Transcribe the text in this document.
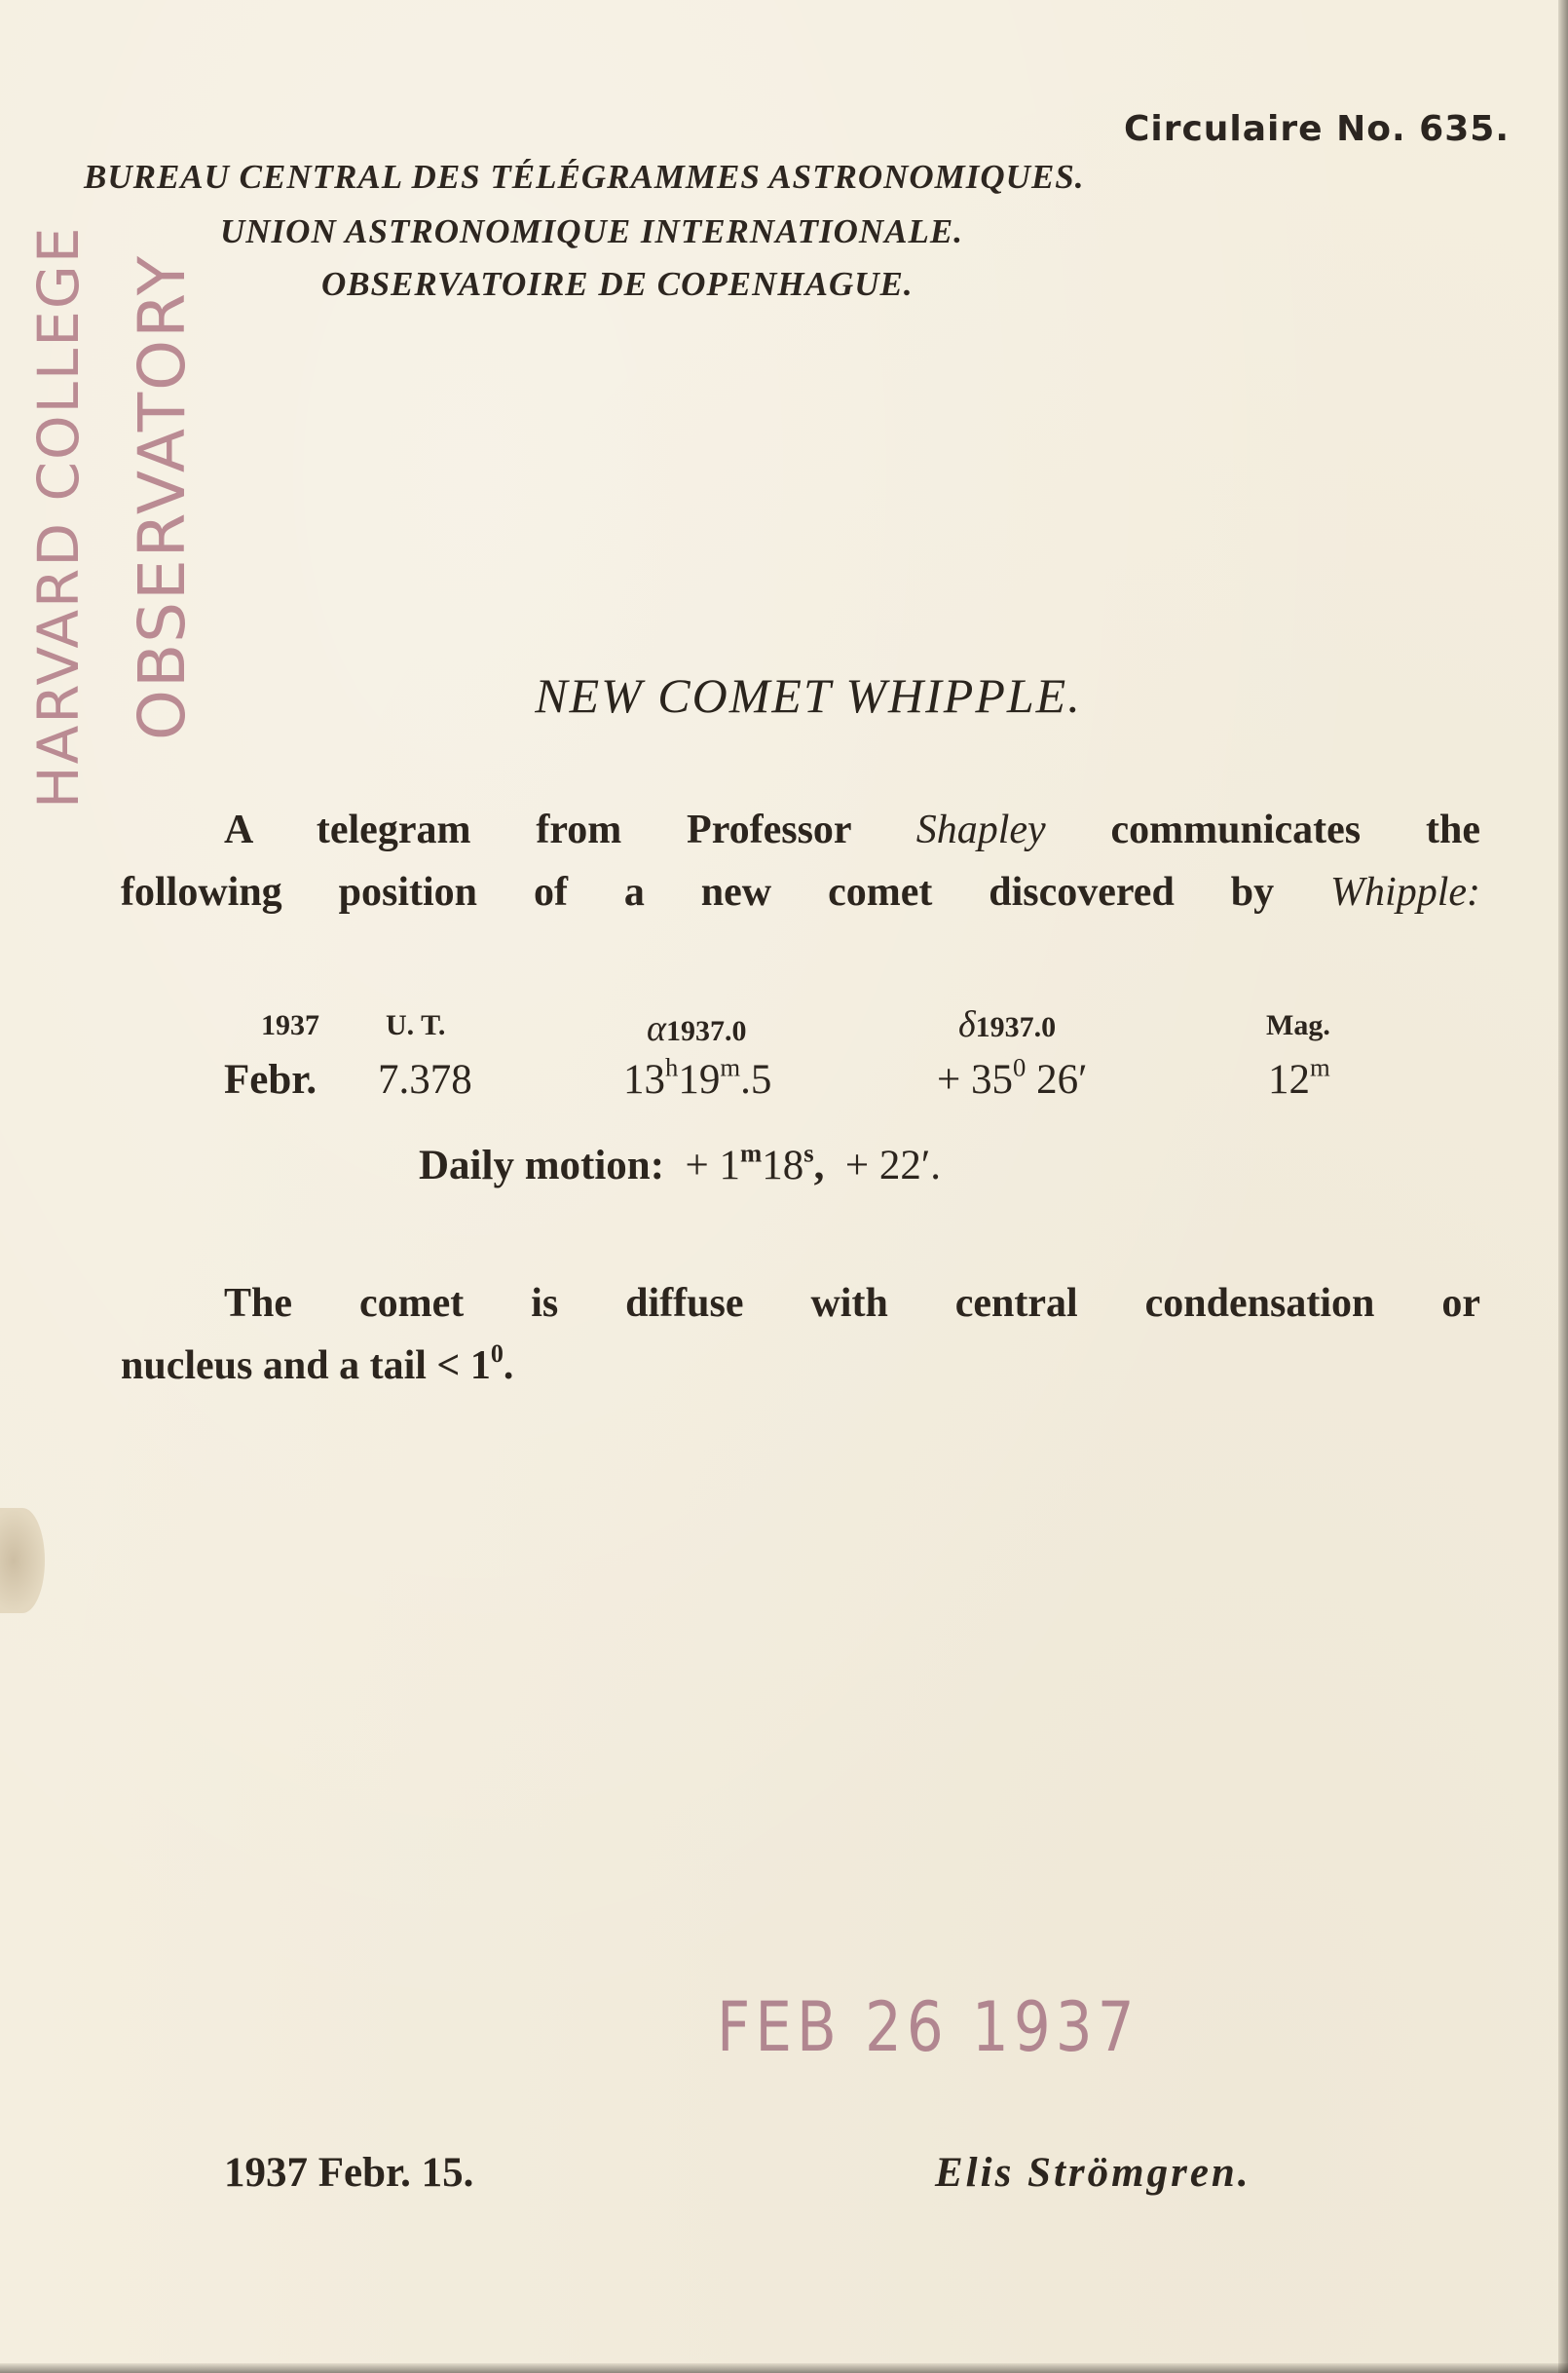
Circulaire No. 635.
BUREAU CENTRAL DES TÉLÉGRAMMES ASTRONOMIQUES.
UNION ASTRONOMIQUE INTERNATIONALE.
OBSERVATOIRE DE COPENHAGUE.
HARVARD COLLEGE OBSERVATORY	NEW COMET WHIPPLE.
A telegram from Professor Shapley communicates the
following position of a new comet discovered by Whipple:
1937 U. T.	α1937.0	δ1937.0	Mag.
Febr. 7.378	$13^h19^m.5$	+ $35^0$ 26′	12$^m$
Daily motion: + $1^m18^s$, + 22′.
The comet is diffuse with central condensation or
nucleus and a tail < $1^0$.
FEB 26 1937
1937 Febr. 15.	Elis Strömgren.
